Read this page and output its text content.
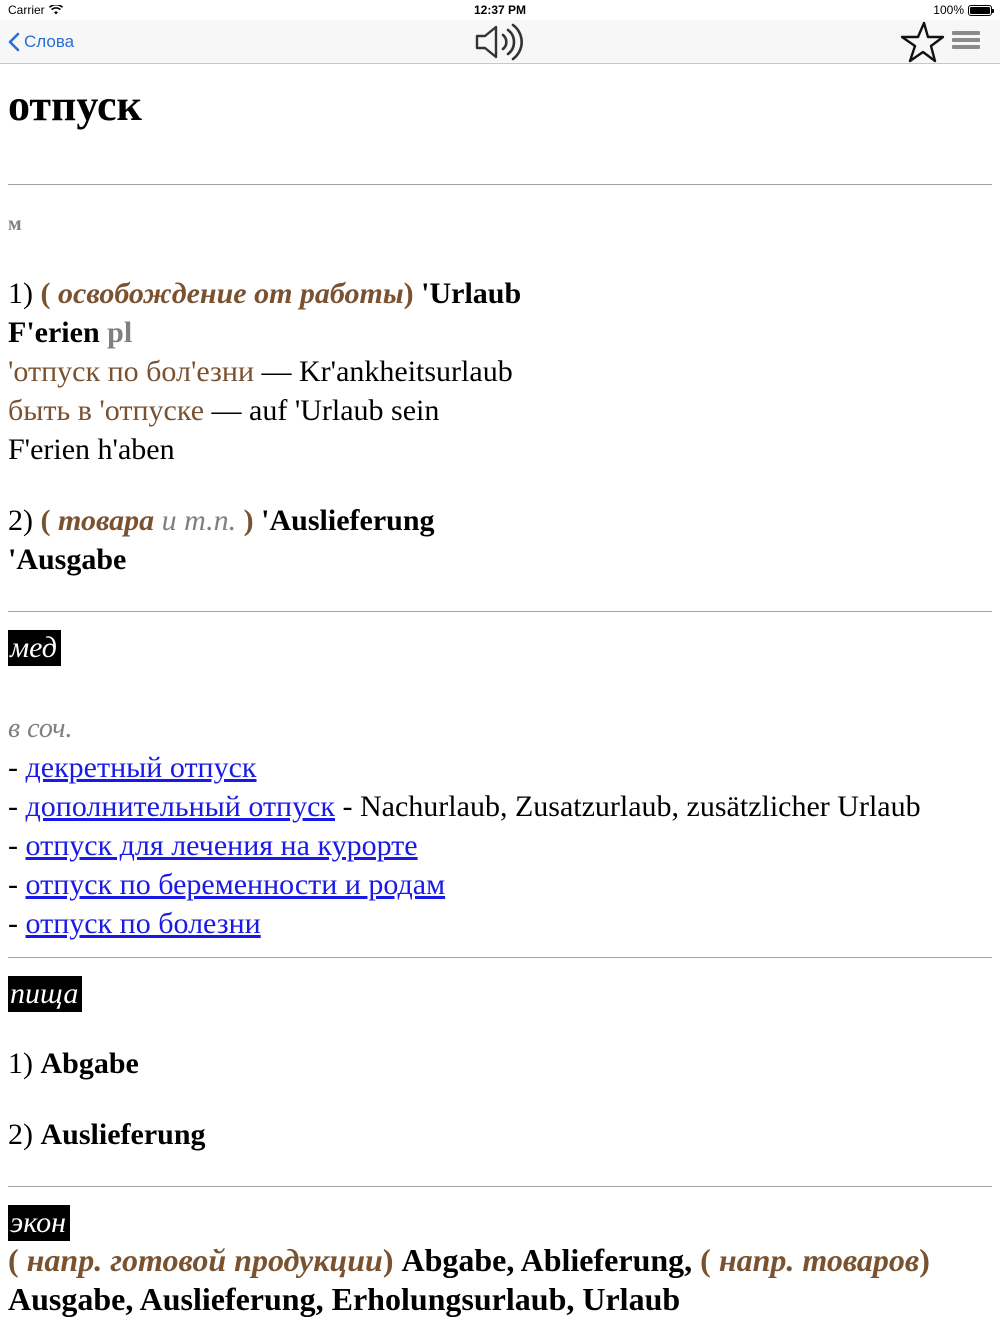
Carrier	12:37 PM	100%
Слова
отпуск
м
1) ( освобождение от работы) 'Urlaub
F'erien pl
'отпуск по бол'езни — Kr'ankheitsurlaub
быть в 'отпуске — auf 'Urlaub sein
F'erien h'aben
2) ( товара и т.п. ) 'Auslieferung
'Ausgabe
мед
в соч.
- декретный отпуск
- дополнительный отпуск - Nachurlaub, Zusatzurlaub, zusätzlicher Urlaub
- отпуск для лечения на курорте
- отпуск по беременности и родам
- отпуск по болезни
пища
1) Abgabe
2) Auslieferung
экон
( напр. готовой продукции) Abgabe, Ablieferung, ( напр. товаров) Ausgabe, Auslieferung, Erholungsurlaub, Urlaub
